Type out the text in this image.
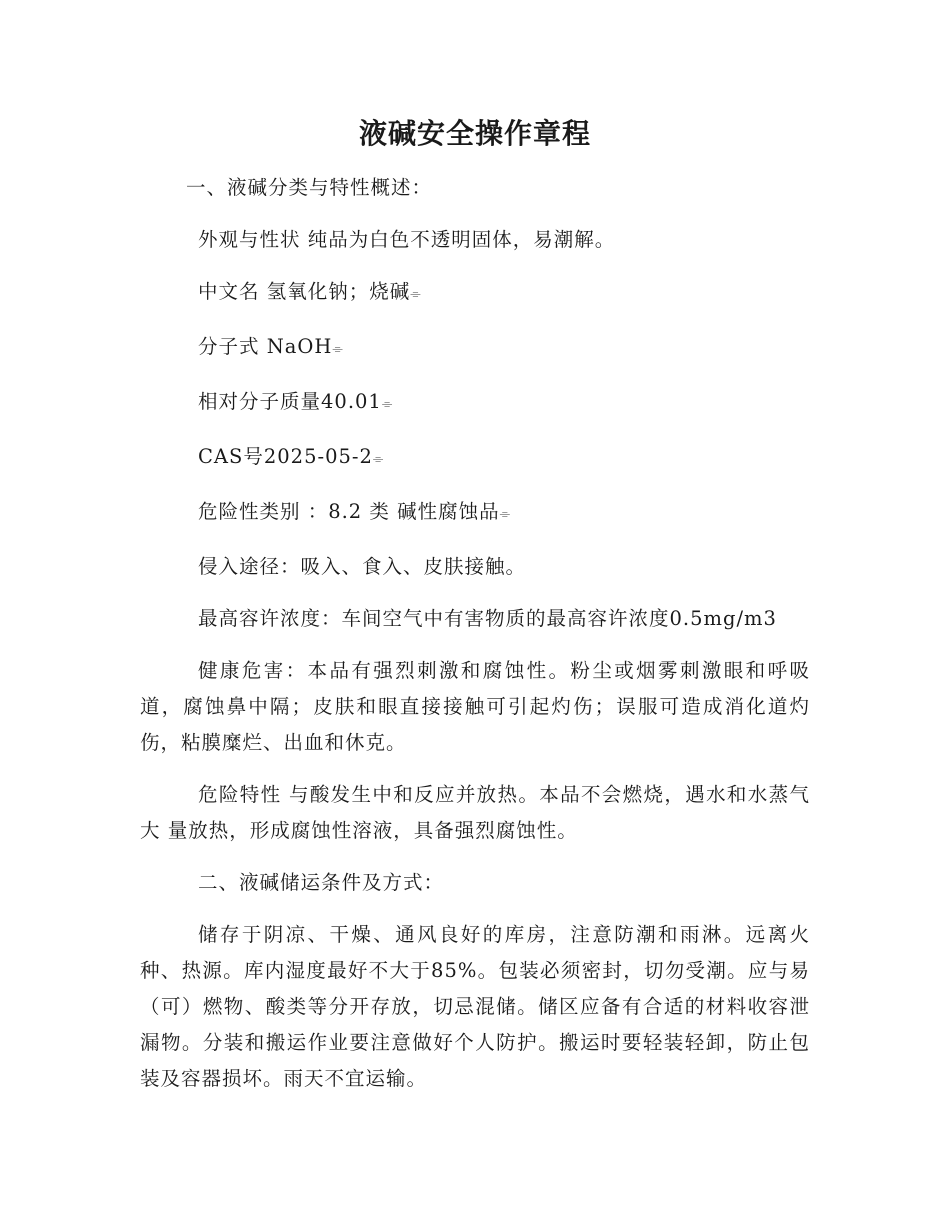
液碱安全操作章程

一、液碱分类与特性概述：

外观与性状 纯品为白色不透明固体，易潮解。

中文名 氢氧化钠；烧碱⌯

分子式 NaOH⌯

相对分子质量40.01⌯

CAS号2025-05-2⌯

危险性类别 ：8.2 类 碱性腐蚀品⌯

侵入途径：吸入、食入、皮肤接触。

最高容许浓度：车间空气中有害物质的最高容许浓度0.5mg/m3

健康危害：本品有强烈刺激和腐蚀性。粉尘或烟雾刺激眼和呼吸道，腐蚀鼻中隔；皮肤和眼直接接触可引起灼伤；误服可造成消化道灼伤，粘膜糜烂、出血和休克。

危险特性 与酸发生中和反应并放热。本品不会燃烧，遇水和水蒸气大 量放热，形成腐蚀性溶液，具备强烈腐蚀性。

二、液碱储运条件及方式：

储存于阴凉、干燥、通风良好的库房，注意防潮和雨淋。远离火种、热源。库内湿度最好不大于85%。包装必须密封，切勿受潮。应与易（可）燃物、酸类等分开存放，切忌混储。储区应备有合适的材料收容泄漏物。分装和搬运作业要注意做好个人防护。搬运时要轻装轻卸，防止包装及容器损坏。雨天不宜运输。
